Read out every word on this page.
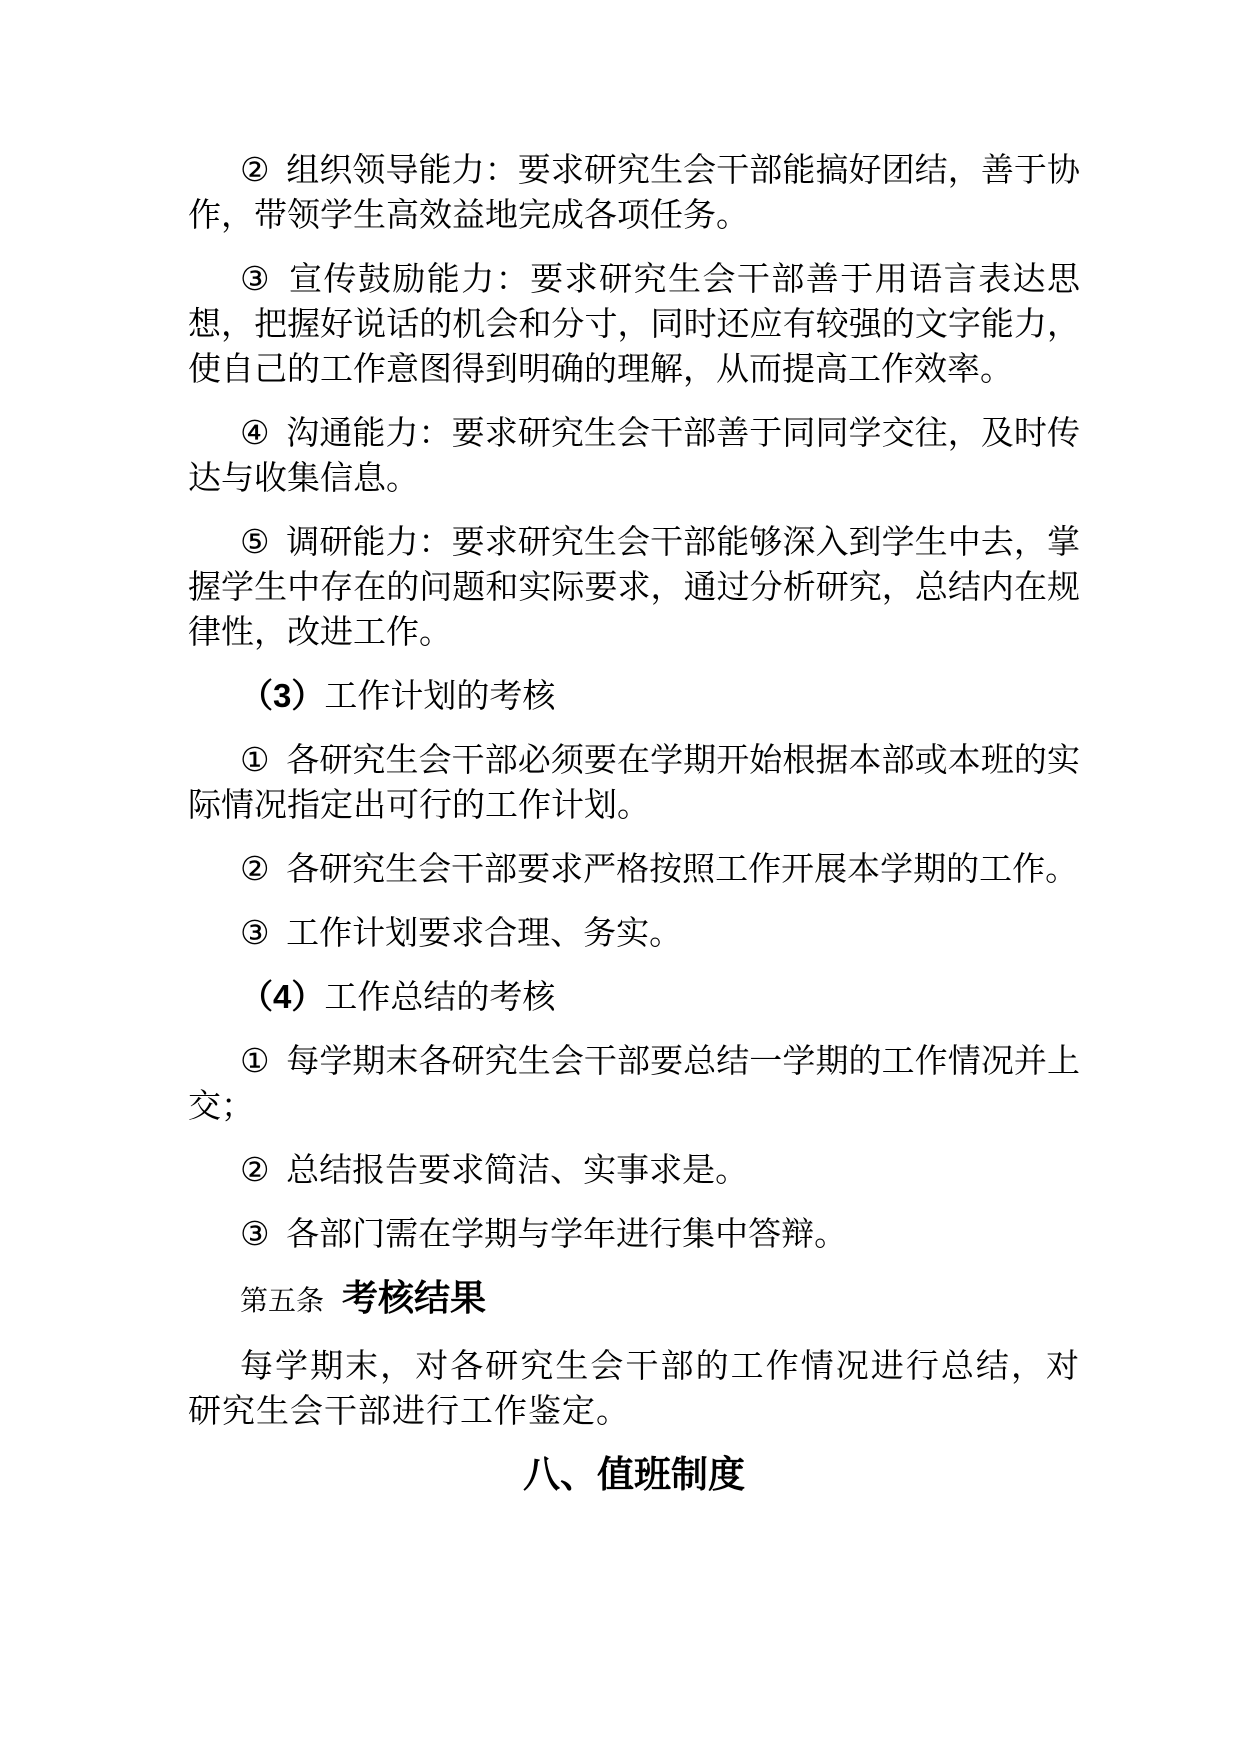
② 组织领导能力：要求研究生会干部能搞好团结，善于协作，带领学生高效益地完成各项任务。

③ 宣传鼓励能力：要求研究生会干部善于用语言表达思想，把握好说话的机会和分寸，同时还应有较强的文字能力，使自己的工作意图得到明确的理解，从而提高工作效率。

④ 沟通能力：要求研究生会干部善于同同学交往，及时传达与收集信息。

⑤ 调研能力：要求研究生会干部能够深入到学生中去，掌握学生中存在的问题和实际要求，通过分析研究，总结内在规律性，改进工作。

（3）工作计划的考核

① 各研究生会干部必须要在学期开始根据本部或本班的实际情况指定出可行的工作计划。

② 各研究生会干部要求严格按照工作开展本学期的工作。

③ 工作计划要求合理、务实。

（4）工作总结的考核

① 每学期末各研究生会干部要总结一学期的工作情况并上交；

② 总结报告要求简洁、实事求是。

③ 各部门需在学期与学年进行集中答辩。

第五条 考核结果

每学期末，对各研究生会干部的工作情况进行总结，对研究生会干部进行工作鉴定。

八、值班制度
